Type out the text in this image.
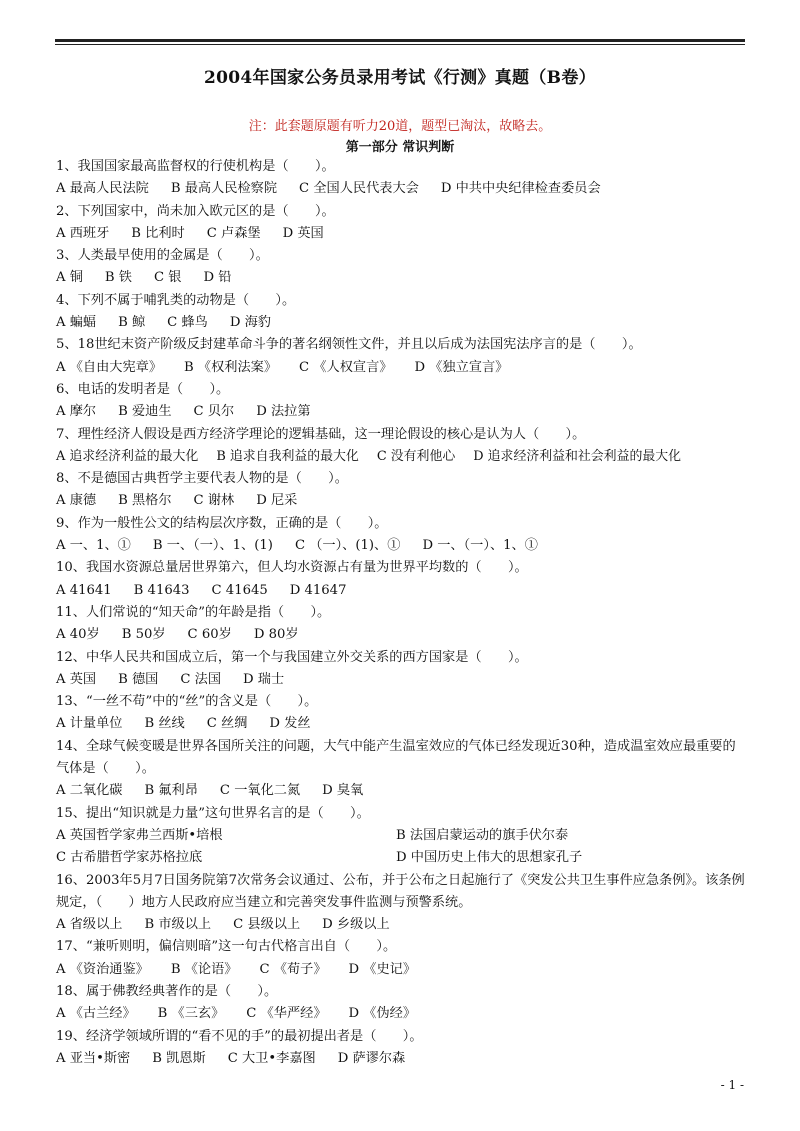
2004年国家公务员录用考试《行测》真题（B卷）
注：此套题原题有听力20道，题型已淘汰，故略去。
第一部分 常识判断
1、我国国家最高监督权的行使机构是（　　）。
A 最高人民法院 B 最高人民检察院 C 全国人民代表大会 D 中共中央纪律检查委员会
2、下列国家中，尚未加入欧元区的是（　　）。
A 西班牙 B 比利时 C 卢森堡 D 英国
3、人类最早使用的金属是（　　）。
A 铜 B 铁 C 银 D 铅
4、下列不属于哺乳类的动物是（　　）。
A 蝙蝠 B 鲸 C 蜂鸟 D 海豹
5、18世纪末资产阶级反封建革命斗争的著名纲领性文件，并且以后成为法国宪法序言的是（　　）。
A 《自由大宪章》 B 《权利法案》 C 《人权宣言》 D 《独立宣言》
6、电话的发明者是（　　）。
A 摩尔 B 爱迪生 C 贝尔 D 法拉第
7、理性经济人假设是西方经济学理论的逻辑基础，这一理论假设的核心是认为人（　　）。
A 追求经济利益的最大化 B 追求自我利益的最大化 C 没有利他心 D 追求经济利益和社会利益的最大化
8、不是德国古典哲学主要代表人物的是（　　）。
A 康德 B 黑格尔 C 谢林 D 尼采
9、作为一般性公文的结构层次序数，正确的是（　　）。
A 一、1、① B 一、（一）、1、(1) C （一）、(1)、① D 一、（一）、1、①
10、我国水资源总量居世界第六，但人均水资源占有量为世界平均数的（　　）。
A 41641 B 41643 C 41645 D 41647
11、人们常说的“知天命”的年龄是指（　　）。
A 40岁 B 50岁 C 60岁 D 80岁
12、中华人民共和国成立后，第一个与我国建立外交关系的西方国家是（　　）。
A 英国 B 德国 C 法国 D 瑞士
13、“一丝不苟”中的“丝”的含义是（　　）。
A 计量单位 B 丝线 C 丝绸 D 发丝
14、全球气候变暖是世界各国所关注的问题，大气中能产生温室效应的气体已经发现近30种，造成温室效应最重要的气体是（　　）。
A 二氧化碳 B 氟利昂 C 一氧化二氮 D 臭氧
15、提出“知识就是力量”这句世界名言的是（　　）。
A 英国哲学家弗兰西斯•培根	B 法国启蒙运动的旗手伏尔泰
C 古希腊哲学家苏格拉底	D 中国历史上伟大的思想家孔子
16、2003年5月7日国务院第7次常务会议通过、公布，并于公布之日起施行了《突发公共卫生事件应急条例》。该条例规定，（　　）地方人民政府应当建立和完善突发事件监测与预警系统。
A 省级以上 B 市级以上 C 县级以上 D 乡级以上
17、“兼听则明，偏信则暗”这一句古代格言出自（　　）。
A 《资治通鉴》 B 《论语》 C 《荀子》 D 《史记》
18、属于佛教经典著作的是（　　）。
A 《古兰经》 B 《三玄》 C 《华严经》 D 《伪经》
19、经济学领域所谓的“看不见的手”的最初提出者是（　　）。
A 亚当•斯密 B 凯恩斯 C 大卫•李嘉图 D 萨谬尔森
- 1 -
